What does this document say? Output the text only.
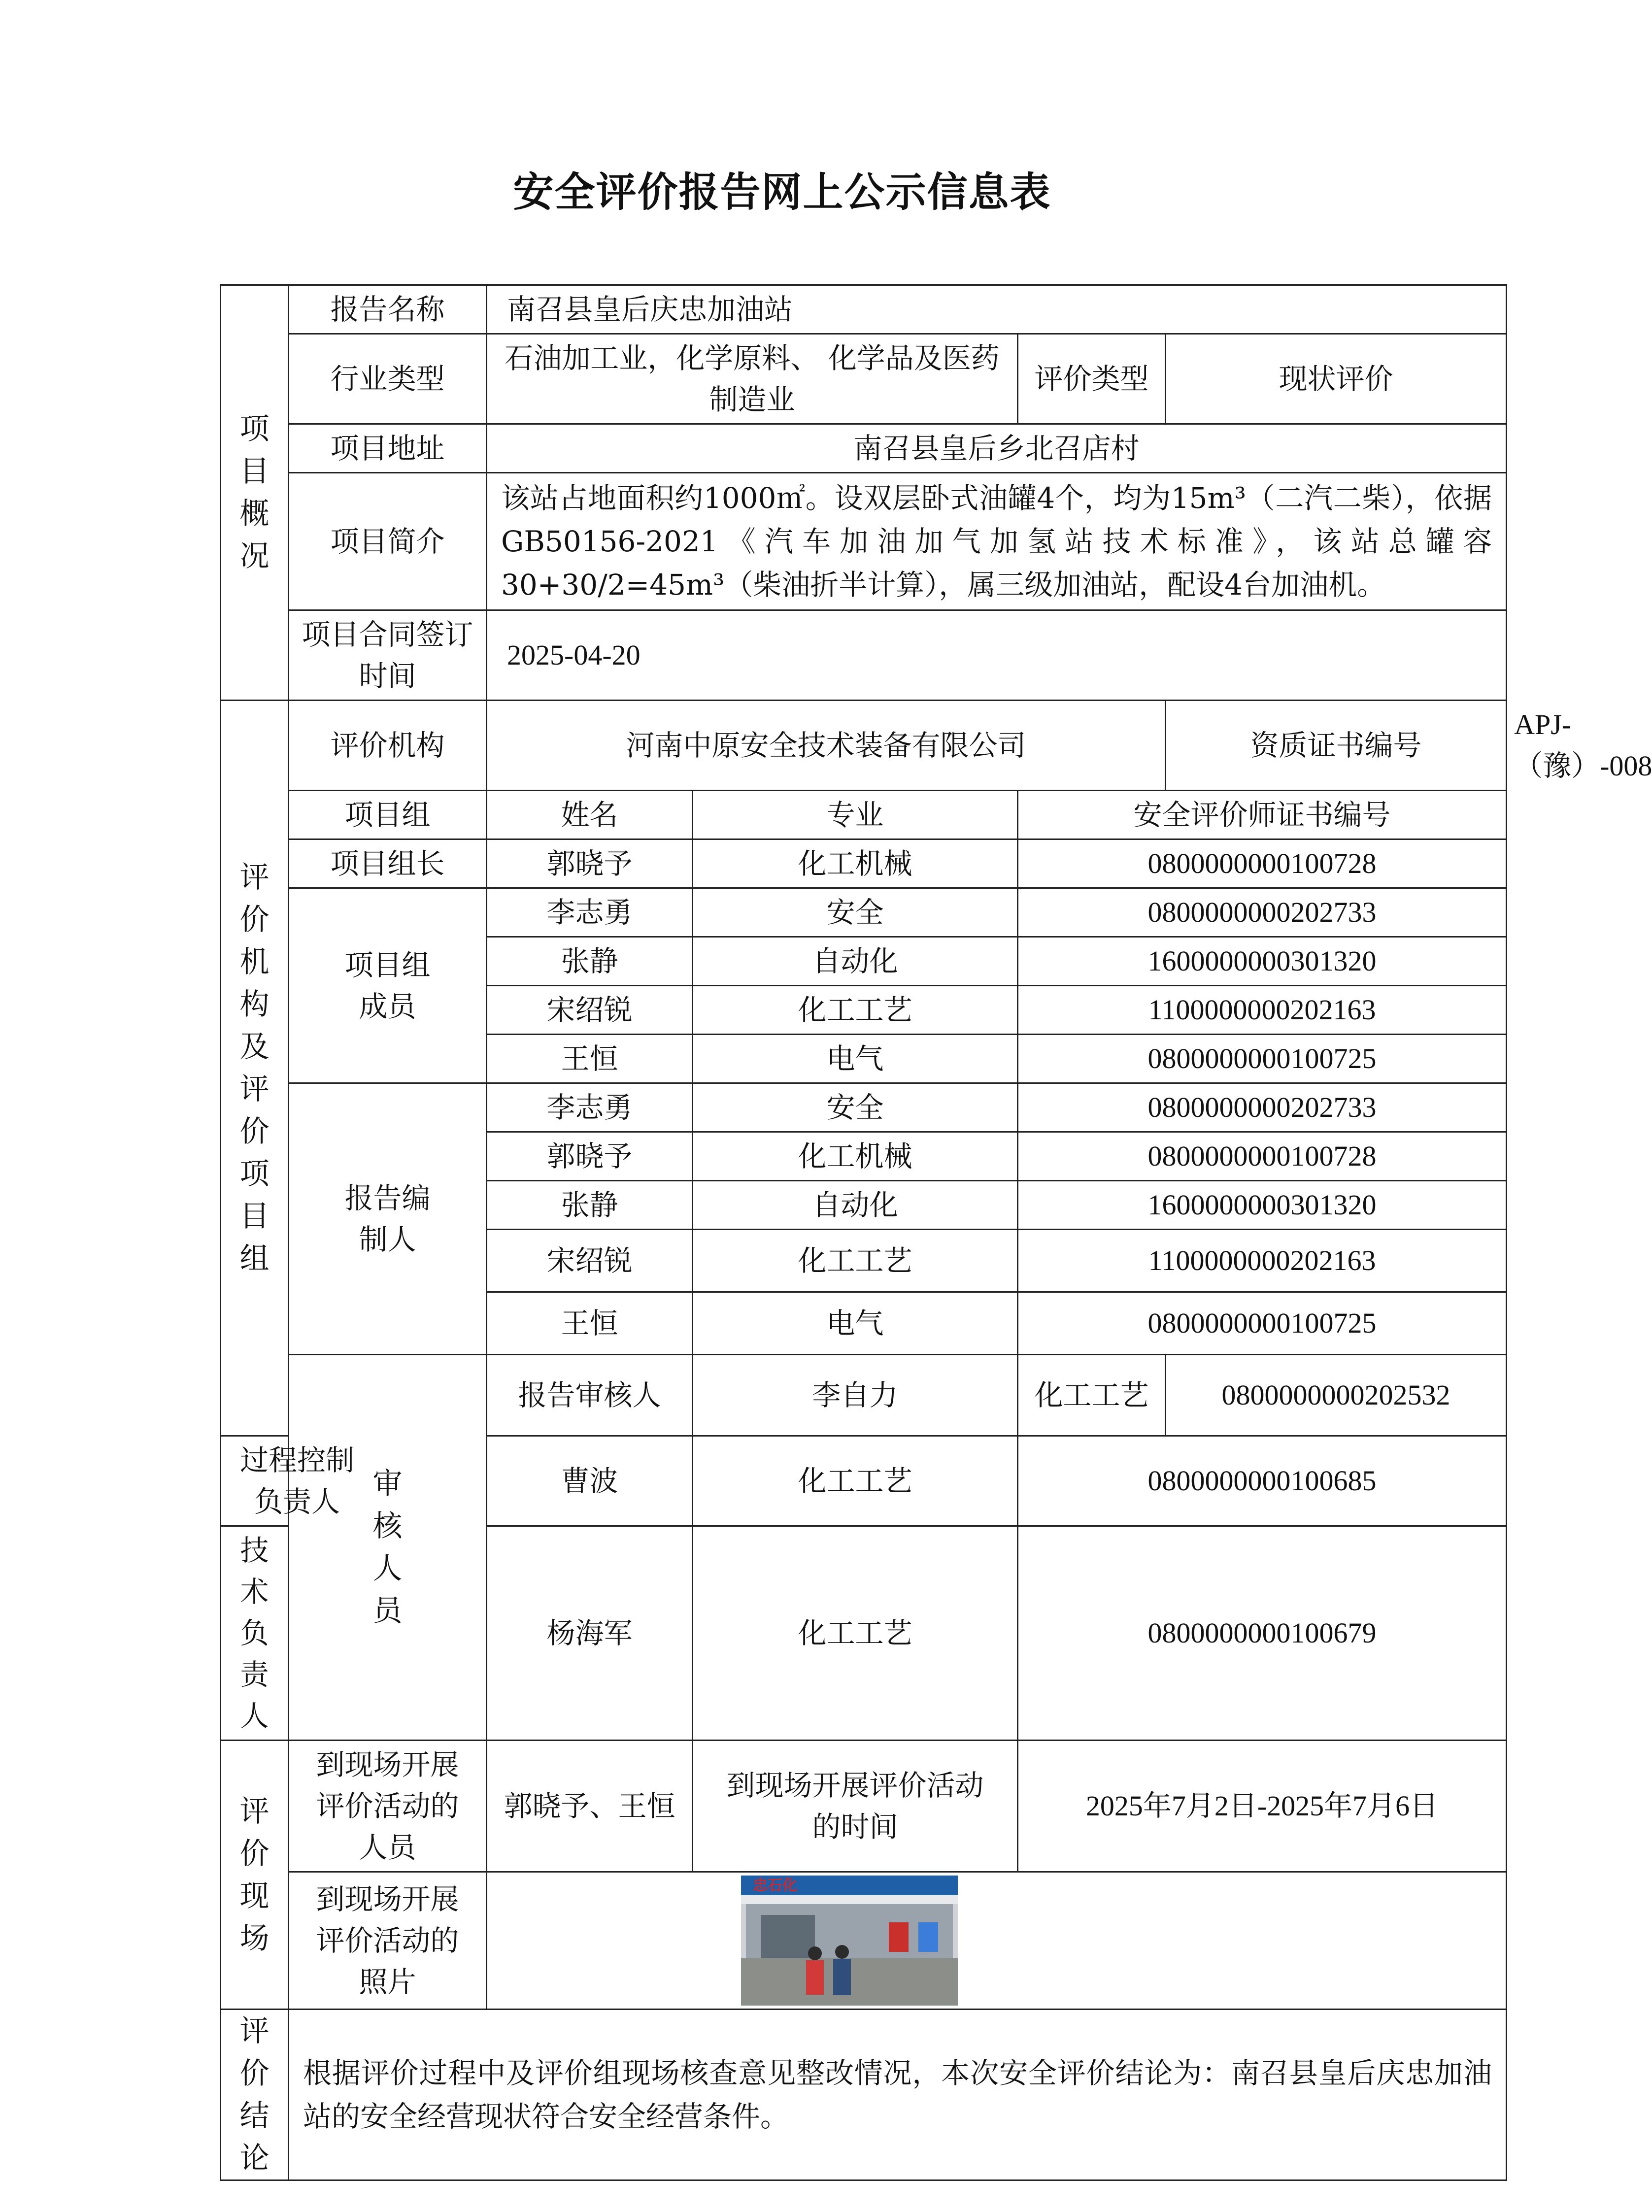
安全评价报告网上公示信息表
项目概况	报告名称	南召县皇后庆忠加油站				
	行业类型	石油加工业，化学原料、 化学品及医药制造业		评价类型	现状评价	
	项目地址	南召县皇后乡北召店村				
	项目简介	该站占地面积约1000㎡。设双层卧式油罐4个，均为15m³（二汽二柴），依据GB50156-2021《汽车加油加气加氢站技术标准》，该站总罐容30+30/2=45m³（柴油折半计算），属三级加油站，配设4台加油机。				
	项目合同签订时间	2025-04-20				
评价机构及评价项目组	评价机构	河南中原安全技术装备有限公司			资质证书编号	APJ-（豫）-008
	项目组	姓名	专业	安全评价师证书编号		
	项目组长	郭晓予	化工机械	0800000000100728		
	项目组成员	李志勇	安全	0800000000202733		
		张静	自动化	1600000000301320		
		宋绍锐	化工工艺	1100000000202163		
		王恒	电气	0800000000100725		
	报告编制人	李志勇	安全	0800000000202733		
		郭晓予	化工机械	0800000000100728		
		张静	自动化	1600000000301320		
		宋绍锐	化工工艺	1100000000202163		
		王恒	电气	0800000000100725		
	审核人员	报告审核人	李自力	化工工艺	0800000000202532	
过程控制负责人		曹波	化工工艺	0800000000100685		
技术负责人		杨海军	化工工艺	0800000000100679		
评价现场	到现场开展评价活动的人员	郭晓予、王恒	到现场开展评价活动的时间	2025年7月2日-2025年7月6日		
	到现场开展评价活动的照片	忠石化				

评价结论	根据评价过程中及评价组现场核查意见整改情况，本次安全评价结论为：南召县皇后庆忠加油站的安全经营现状符合安全经营条件。					
